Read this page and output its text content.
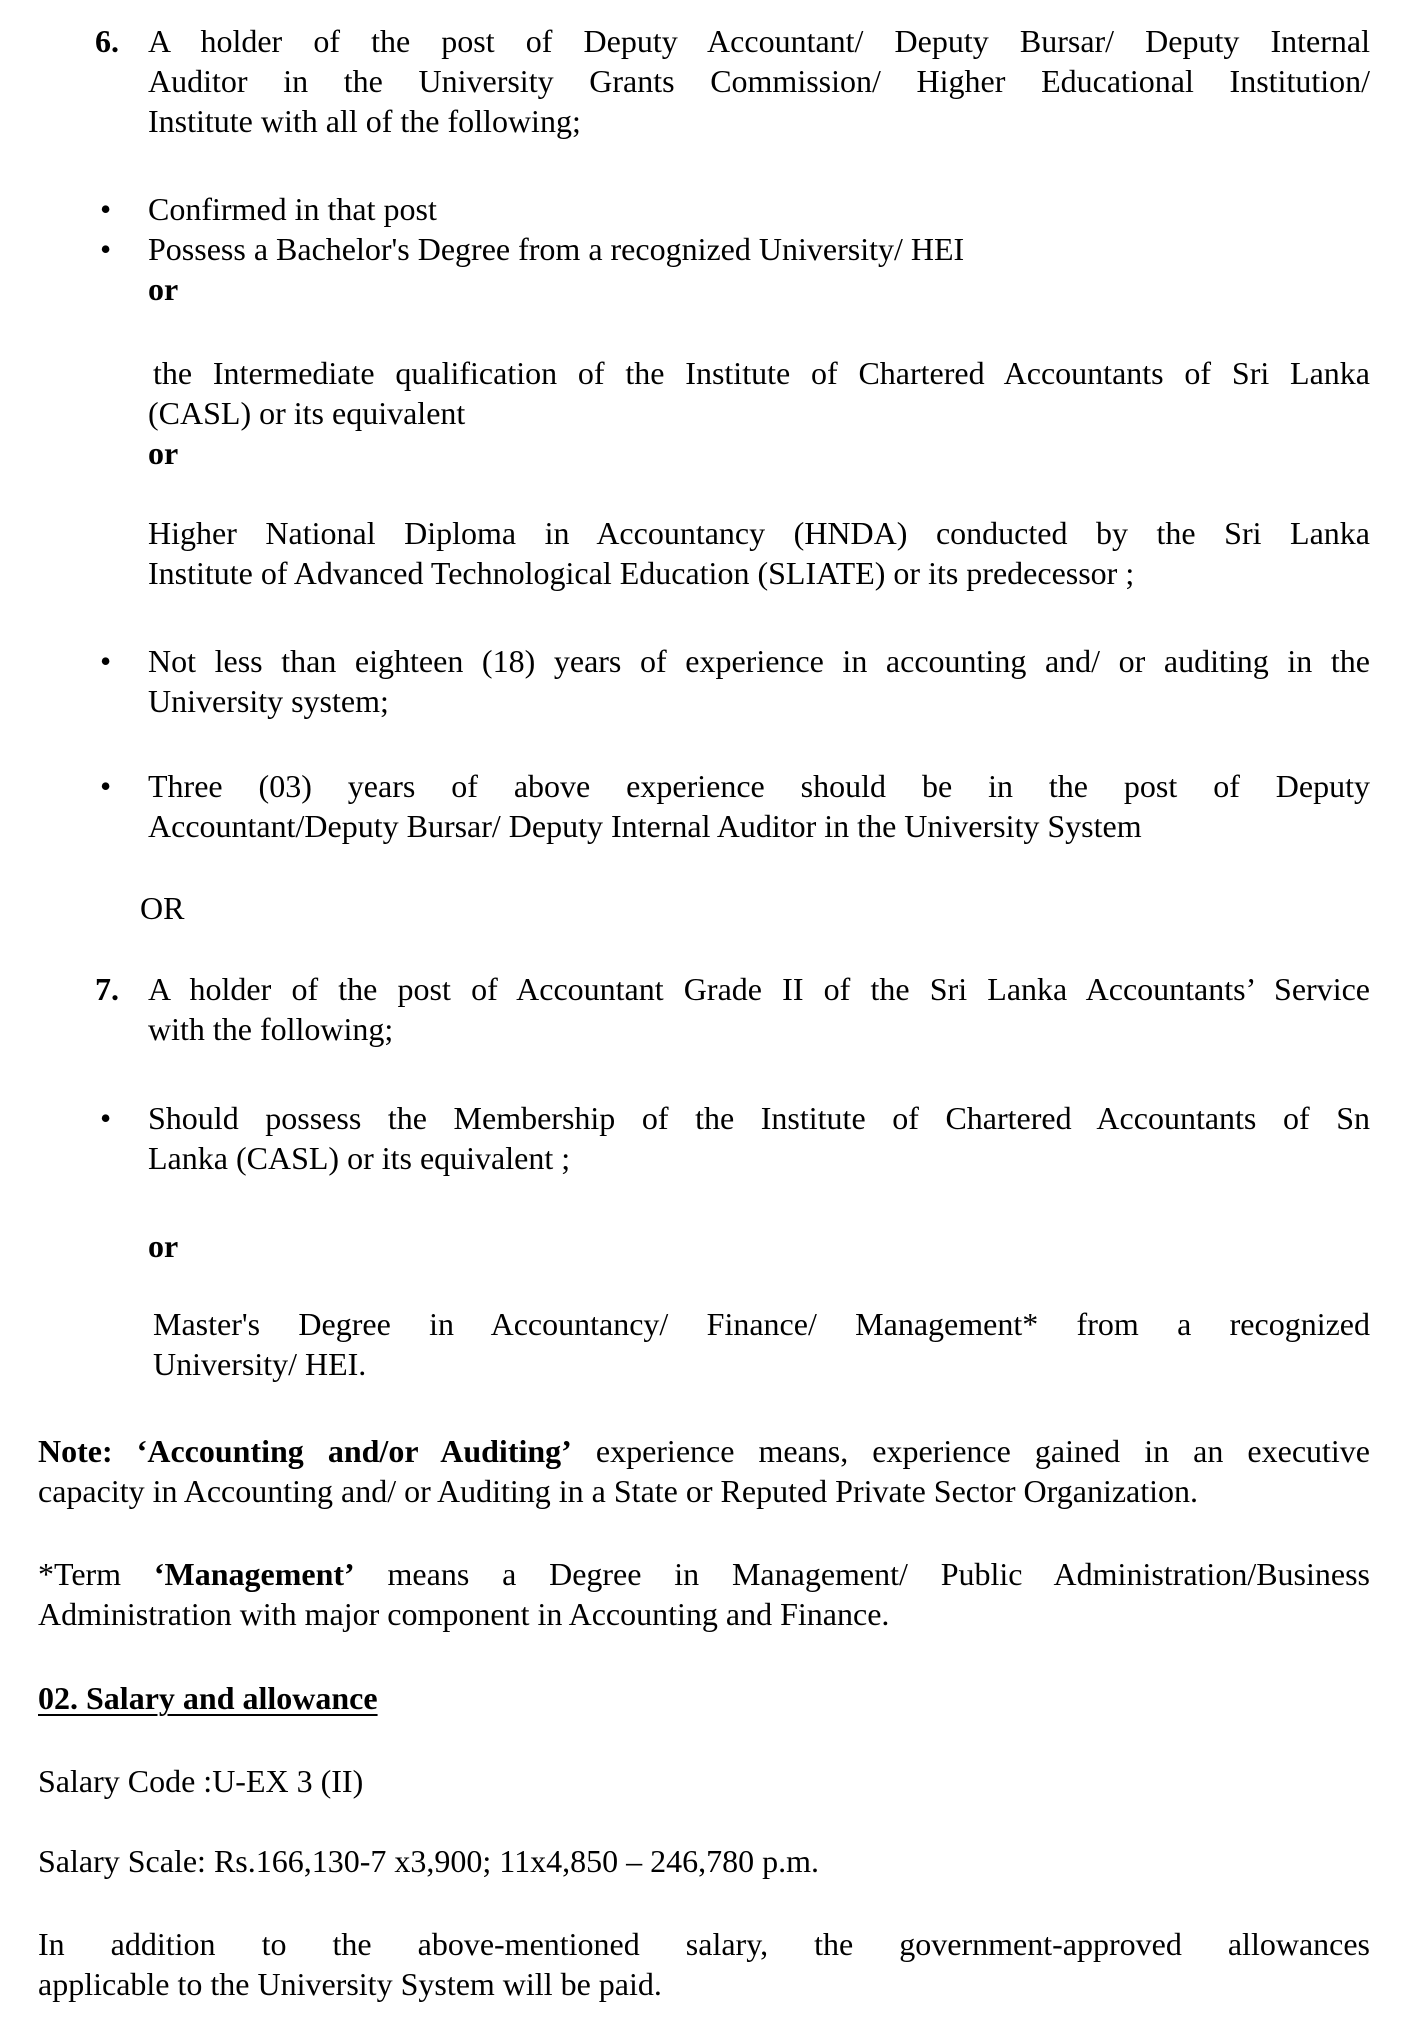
6. A holder of the post of Deputy Accountant/ Deputy Bursar/ Deputy Internal
Auditor in the University Grants Commission/ Higher Educational Institution/
Institute with all of the following;
• Confirmed in that post
• Possess a Bachelor's Degree from a recognized University/ HEI
or
the Intermediate qualification of the Institute of Chartered Accountants of Sri Lanka
(CASL) or its equivalent
or
Higher National Diploma in Accountancy (HNDA) conducted by the Sri Lanka
Institute of Advanced Technological Education (SLIATE) or its predecessor ;
• Not less than eighteen (18) years of experience in accounting and/ or auditing in the
University system;
• Three (03) years of above experience should be in the post of Deputy
Accountant/Deputy Bursar/ Deputy Internal Auditor in the University System
OR
7. A holder of the post of Accountant Grade II of the Sri Lanka Accountants’ Service
with the following;
• Should possess the Membership of the Institute of Chartered Accountants of Sn
Lanka (CASL) or its equivalent ;
or
Master's Degree in Accountancy/ Finance/ Management* from a recognized
University/ HEI.
Note: ‘Accounting and/or Auditing’ experience means, experience gained in an executive
capacity in Accounting and/ or Auditing in a State or Reputed Private Sector Organization.
*Term ‘Management’ means a Degree in Management/ Public Administration/Business
Administration with major component in Accounting and Finance.
02. Salary and allowance
Salary Code :U-EX 3 (II)
Salary Scale: Rs.166,130-7 x3,900; 11x4,850 – 246,780 p.m.
In addition to the above-mentioned salary, the government-approved allowances
applicable to the University System will be paid.
